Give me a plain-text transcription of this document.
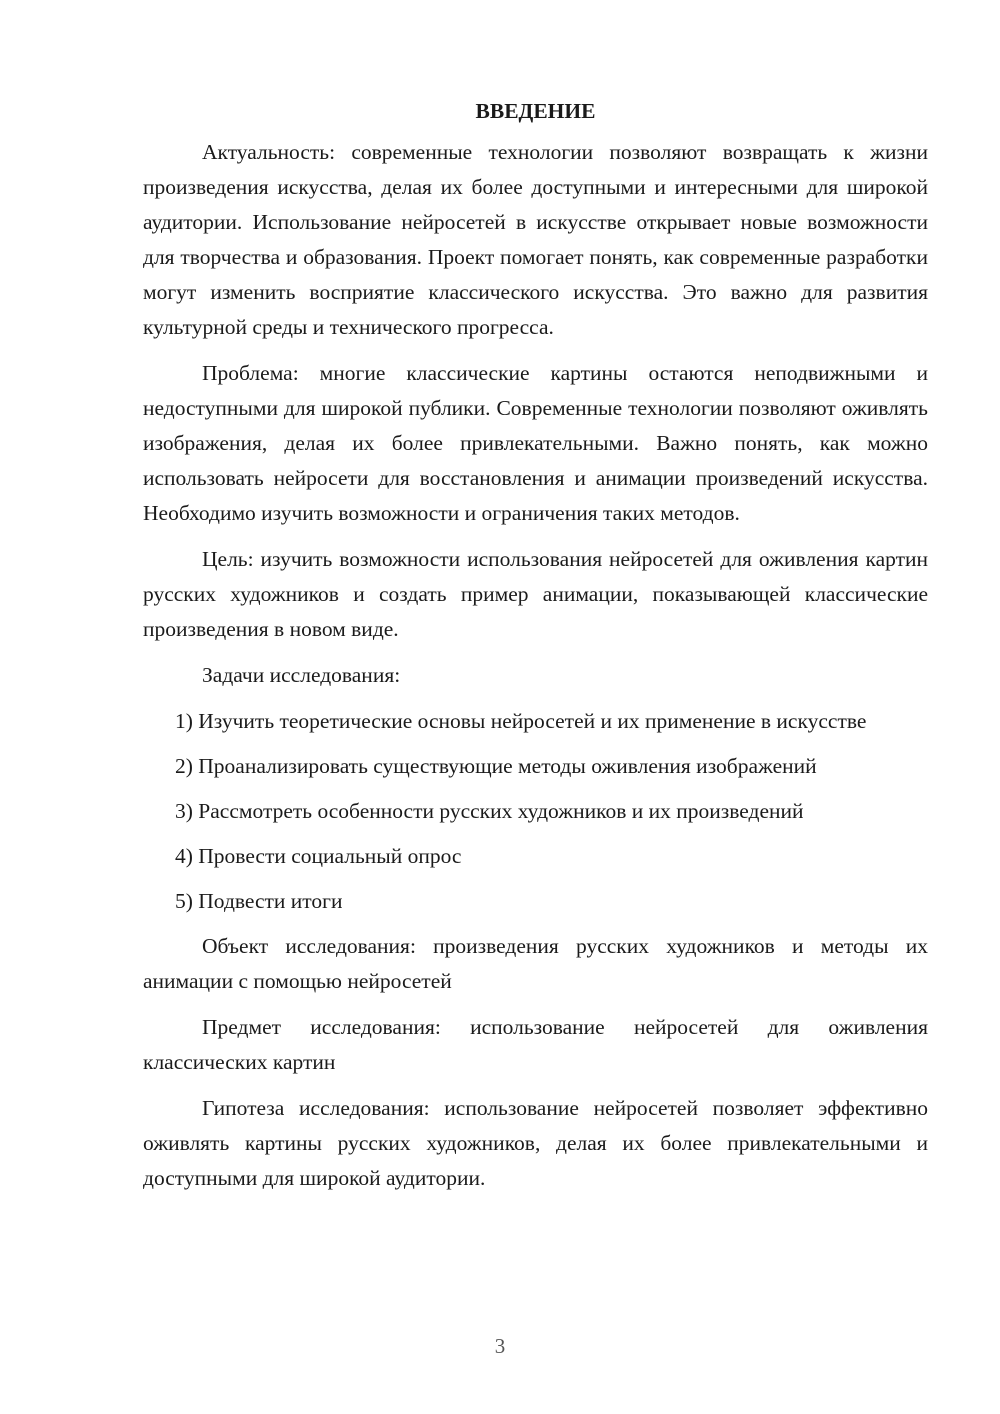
ВВЕДЕНИЕ

Актуальность: современные технологии позволяют возвращать к жизни произведения искусства, делая их более доступными и интересными для широкой аудитории. Использование нейросетей в искусстве открывает новые возможности для творчества и образования. Проект помогает понять, как современные разработки могут изменить восприятие классического искусства. Это важно для развития культурной среды и технического прогресса.

Проблема: многие классические картины остаются неподвижными и недоступными для широкой публики. Современные технологии позволяют оживлять изображения, делая их более привлекательными. Важно понять, как можно использовать нейросети для восстановления и анимации произведений искусства. Необходимо изучить возможности и ограничения таких методов.

Цель: изучить возможности использования нейросетей для оживления картин русских художников и создать пример анимации, показывающей классические произведения в новом виде.

Задачи исследования:

1) Изучить теоретические основы нейросетей и их применение в искусстве
2) Проанализировать существующие методы оживления изображений
3) Рассмотреть особенности русских художников и их произведений
4) Провести социальный опрос
5) Подвести итоги

Объект исследования: произведения русских художников и методы их анимации с помощью нейросетей

Предмет исследования: использование нейросетей для оживления классических картин

Гипотеза исследования: использование нейросетей позволяет эффективно оживлять картины русских художников, делая их более привлекательными и доступными для широкой аудитории.

3
